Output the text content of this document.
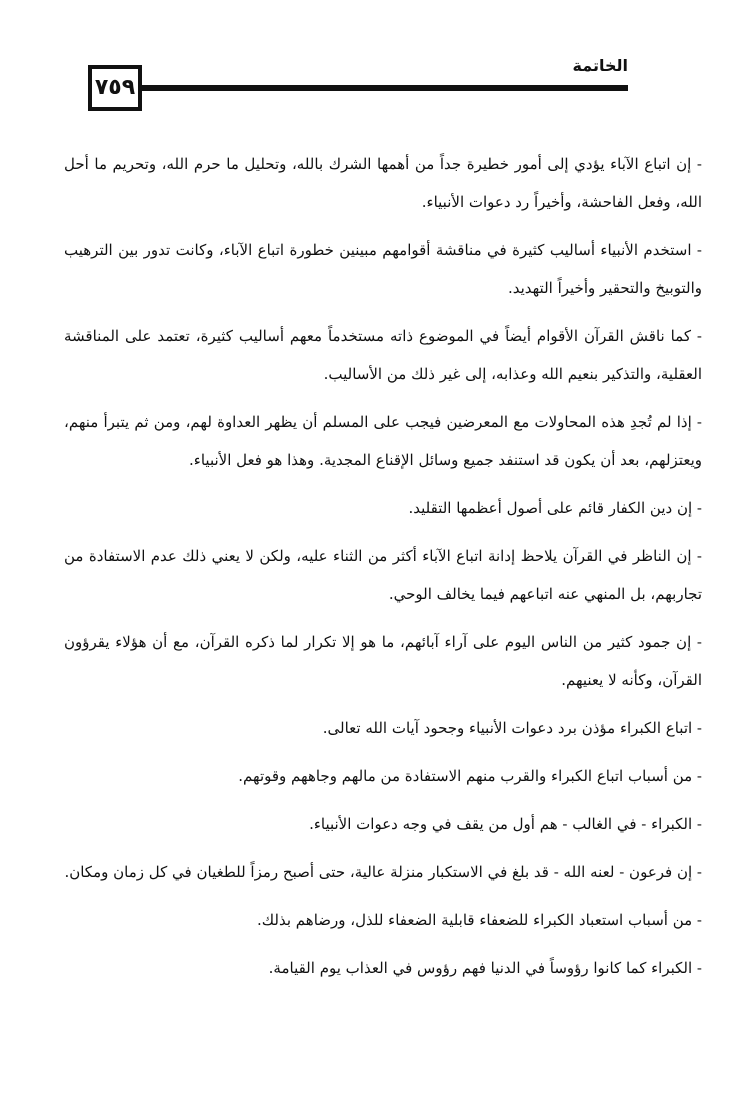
٧٥٩
الخاتمة

- إن اتباع الآباء يؤدي إلى أمور خطيرة جداً من أهمها الشرك بالله، وتحليل ما حرم الله، وتحريم ما أحل الله، وفعل الفاحشة، وأخيراً رد دعوات الأنبياء.

- استخدم الأنبياء أساليب كثيرة في مناقشة أقوامهم مبينين خطورة اتباع الآباء، وكانت تدور بين الترهيب والتوبيخ والتحقير وأخيراً التهديد.

- كما ناقش القرآن الأقوام أيضاً في الموضوع ذاته مستخدماً معهم أساليب كثيرة، تعتمد على المناقشة العقلية، والتذكير بنعيم الله وعذابه، إلى غير ذلك من الأساليب.

- إذا لم تُجدِ هذه المحاولات مع المعرضين فيجب على المسلم أن يظهر العداوة لهم، ومن ثم يتبرأ منهم، ويعتزلهم، بعد أن يكون قد استنفد جميع وسائل الإقناع المجدية. وهذا هو فعل الأنبياء.

- إن دين الكفار قائم على أصول أعظمها التقليد.

- إن الناظر في القرآن يلاحظ إدانة اتباع الآباء أكثر من الثناء عليه، ولكن لا يعني ذلك عدم الاستفادة من تجاربهم، بل المنهي عنه اتباعهم فيما يخالف الوحي.

- إن جمود كثير من الناس اليوم على آراء آبائهم، ما هو إلا تكرار لما ذكره القرآن، مع أن هؤلاء يقرؤون القرآن، وكأنه لا يعنيهم.

- اتباع الكبراء مؤذن برد دعوات الأنبياء وجحود آيات الله تعالى.

- من أسباب اتباع الكبراء والقرب منهم الاستفادة من مالهم وجاههم وقوتهم.

- الكبراء - في الغالب - هم أول من يقف في وجه دعوات الأنبياء.

- إن فرعون - لعنه الله - قد بلغ في الاستكبار منزلة عالية، حتى أصبح رمزاً للطغيان في كل زمان ومكان.

- من أسباب استعباد الكبراء للضعفاء قابلية الضعفاء للذل، ورضاهم بذلك.

- الكبراء كما كانوا رؤوساً في الدنيا فهم رؤوس في العذاب يوم القيامة.
